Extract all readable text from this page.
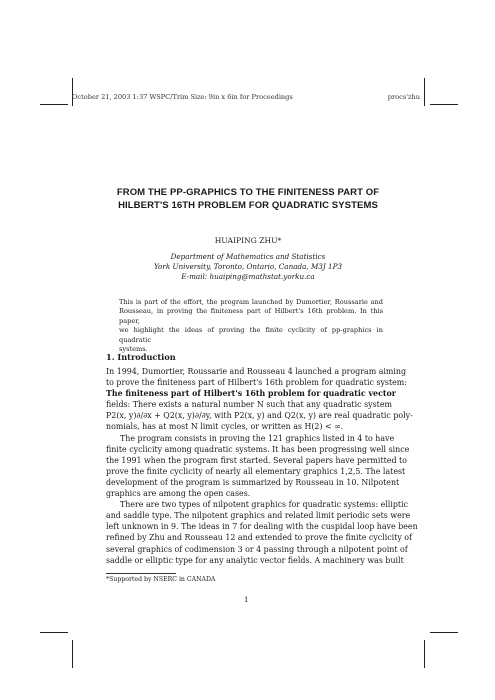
October 21, 2003 1:37 WSPC/Trim Size: 9in x 6in for Proceedings	procs'zhu
FROM THE PP-GRAPHICS TO THE FINITENESS PART OF
HILBERT'S 16TH PROBLEM FOR QUADRATIC SYSTEMS
HUAIPING ZHU*
Department of Mathematics and Statistics
York University, Toronto, Ontario, Canada, M3J 1P3
E-mail: huaiping@mathstat.yorku.ca
This is part of the effort, the program launched by Dumortier, Roussarie and
Rousseau, in proving the finiteness part of Hilbert's 16th problem. In this paper,
we highlight the ideas of proving the finite cyclicity of pp-graphics in quadratic
systems.
1. Introduction
In 1994, Dumortier, Roussarie and Rousseau 4 launched a program aiming
to prove the finiteness part of Hilbert's 16th problem for quadratic system:
The finiteness part of Hilbert's 16th problem for quadratic vector
fields: There exists a natural number N such that any quadratic system
P2(x, y)∂/∂x + Q2(x, y)∂/∂y, with P2(x, y) and Q2(x, y) are real quadratic poly-
nomials, has at most N limit cycles, or written as H(2) < ∞.
The program consists in proving the 121 graphics listed in 4 to have
finite cyclicity among quadratic systems. It has been progressing well since
the 1991 when the program first started. Several papers have permitted to
prove the finite cyclicity of nearly all elementary graphics 1,2,5. The latest
development of the program is summarized by Rousseau in 10. Nilpotent
graphics are among the open cases.
There are two types of nilpotent graphics for quadratic systems: elliptic
and saddle type. The nilpotent graphics and related limit periodic sets were
left unknown in 9. The ideas in 7 for dealing with the cuspidal loop have been
refined by Zhu and Rousseau 12 and extended to prove the finite cyclicity of
several graphics of codimension 3 or 4 passing through a nilpotent point of
saddle or elliptic type for any analytic vector fields. A machinery was built
*Supported by NSERC in CANADA
1
